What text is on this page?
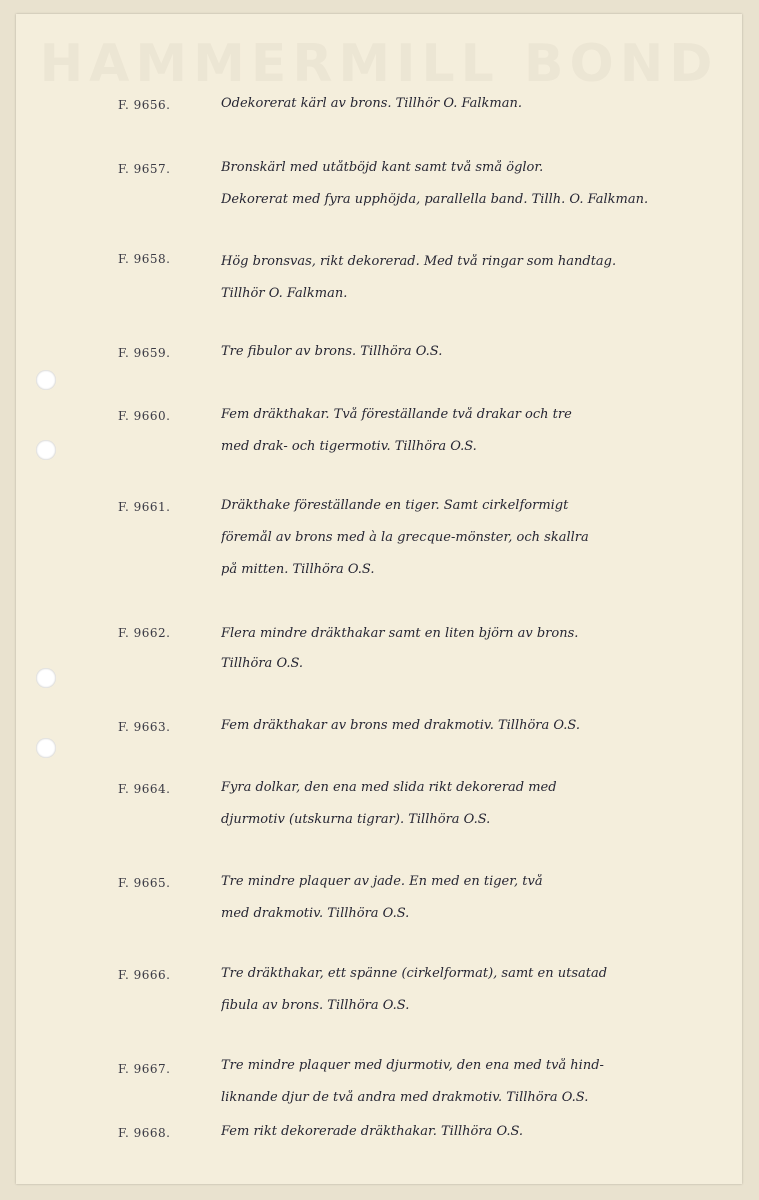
HAMMERMILL BOND
F. 9656.	Odekorerat kärl av brons. Tillhör O. Falkman.
F. 9657.	Bronskärl med utåtböjd kant samt två små öglor.
Dekorerat med fyra upphöjda, parallella band. Tillh. O. Falkman.
F. 9658.	Hög bronsvas, rikt dekorerad. Med två ringar som handtag.
Tillhör O. Falkman.
F. 9659.	Tre fibulor av brons. Tillhöra Ö.S.
F. 9660.	Fem dräkthakar. Två föreställande två drakar och tre
med drak- och tigermotiv. Tillhöra Ö.S.
F. 9661.	Dräkthake föreställande en tiger. Samt cirkelformigt
föremål av brons med à la grecque-mönster, och skallra
på mitten. Tillhöra Ö.S.
F. 9662.	Flera mindre dräkthakar samt en liten björn av brons.
Tillhöra Ö.S.
F. 9663.	Fem dräkthakar av brons med drakmotiv. Tillhöra Ö.S.
F. 9664.	Fyra dolkar, den ena med slida rikt dekorerad med
djurmotiv (utskurna tigrar). Tillhöra Ö.S.
F. 9665.	Tre mindre plaquer av jade. En med en tiger, två
med drakmotiv. Tillhöra Ö.S.
F. 9666.	Tre dräkthakar, ett spänne (cirkelformat), samt en utsatad
fibula av brons. Tillhöra Ö.S.
F. 9667.	Tre mindre plaquer med djurmotiv, den ena med två hind-
liknande djur de två andra med drakmotiv. Tillhöra Ö.S.
F. 9668.	Fem rikt dekorerade dräkthakar. Tillhöra Ö.S.
